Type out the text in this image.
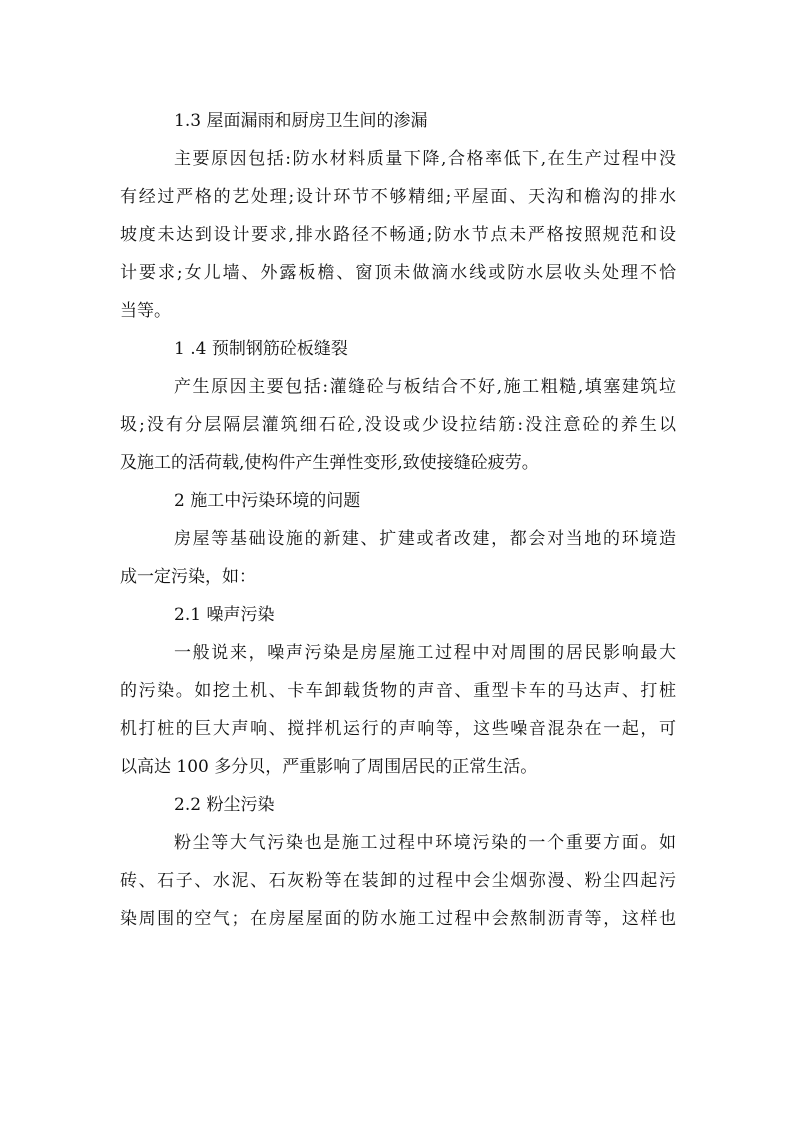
1.3 屋面漏雨和厨房卫生间的渗漏
主要原因包括:防水材料质量下降,合格率低下,在生产过程中没
有经过严格的艺处理;设计环节不够精细;平屋面、天沟和檐沟的排水
坡度未达到设计要求,排水路径不畅通;防水节点未严格按照规范和设
计要求;女儿墙、外露板檐、窗顶未做滴水线或防水层收头处理不恰
当等。
1 .4 预制钢筋砼板缝裂
产生原因主要包括:灌缝砼与板结合不好,施工粗糙,填塞建筑垃
圾;没有分层隔层灌筑细石砼,没设或少设拉结筋:没注意砼的养生以
及施工的活荷载,使构件产生弹性变形,致使接缝砼疲劳。
2 施工中污染环境的问题
房屋等基础设施的新建、扩建或者改建，都会对当地的环境造
成一定污染，如：
2.1 噪声污染
一般说来，噪声污染是房屋施工过程中对周围的居民影响最大
的污染。如挖土机、卡车卸载货物的声音、重型卡车的马达声、打桩
机打桩的巨大声响、搅拌机运行的声响等，这些噪音混杂在一起，可
以高达 100 多分贝，严重影响了周围居民的正常生活。
2.2 粉尘污染
粉尘等大气污染也是施工过程中环境污染的一个重要方面。如
砖、石子、水泥、石灰粉等在装卸的过程中会尘烟弥漫、粉尘四起污
染周围的空气；在房屋屋面的防水施工过程中会熬制沥青等，这样也
